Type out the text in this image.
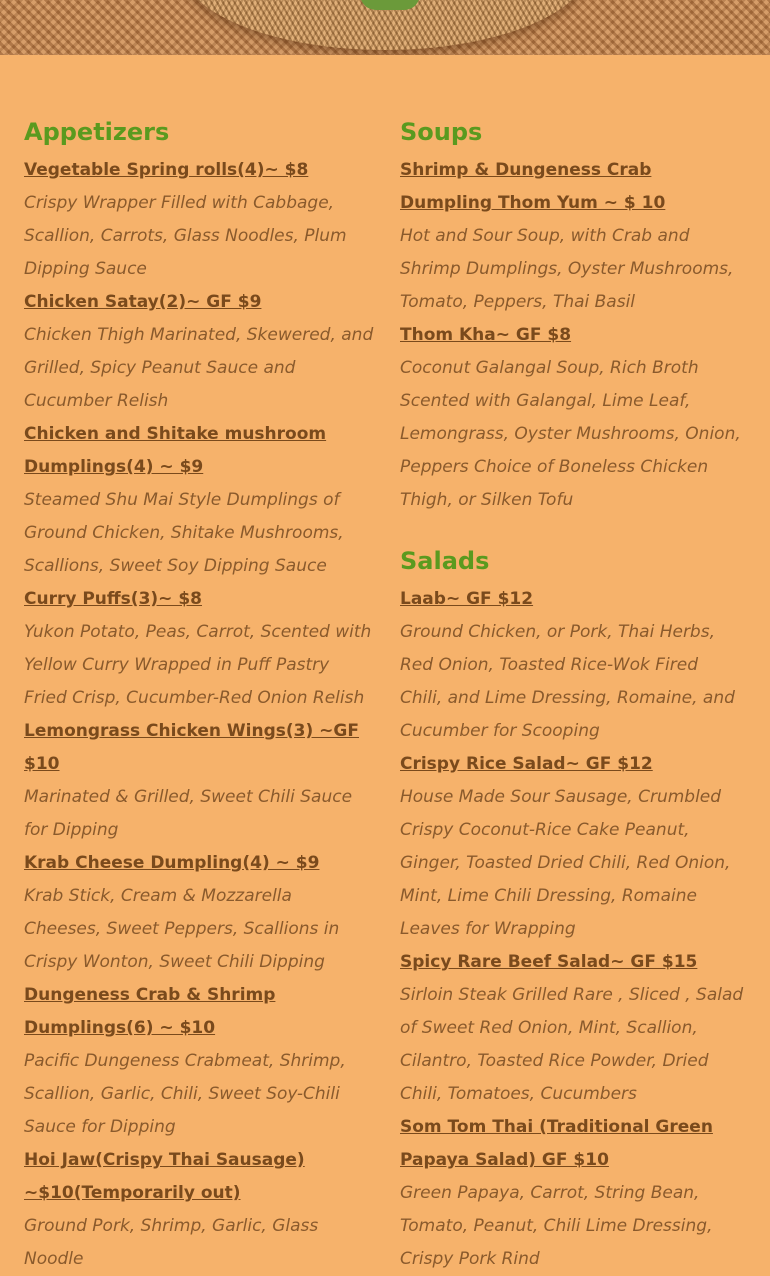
Appetizers
Vegetable Spring rolls(4)~ $8
Crispy Wrapper Filled with Cabbage, Scallion, Carrots, Glass Noodles, Plum Dipping Sauce
Chicken Satay(2)~ GF $9
Chicken Thigh Marinated, Skewered, and Grilled, Spicy Peanut Sauce and Cucumber Relish
Chicken and Shitake mushroom Dumplings(4) ~ $9
Steamed Shu Mai Style Dumplings of Ground Chicken, Shitake Mushrooms, Scallions, Sweet Soy Dipping Sauce
Curry Puffs(3)~ $8
Yukon Potato, Peas, Carrot, Scented with Yellow Curry Wrapped in Puff Pastry Fried Crisp, Cucumber-Red Onion Relish
Lemongrass Chicken Wings(3) ~GF $10
Marinated & Grilled, Sweet Chili Sauce for Dipping
Krab Cheese Dumpling(4) ~ $9
Krab Stick, Cream & Mozzarella Cheeses, Sweet Peppers, Scallions in Crispy Wonton, Sweet Chili Dipping
Dungeness Crab & Shrimp Dumplings(6) ~ $10
Pacific Dungeness Crabmeat, Shrimp, Scallion, Garlic, Chili, Sweet Soy-Chili Sauce for Dipping
Hoi Jaw(Crispy Thai Sausage) ~$10(Temporarily out)
Ground Pork, Shrimp, Garlic, Glass Noodle
Soups
Shrimp & Dungeness Crab Dumpling Thom Yum ~ $ 10
Hot and Sour Soup, with Crab and Shrimp Dumplings, Oyster Mushrooms, Tomato, Peppers, Thai Basil
Thom Kha~ GF $8
Coconut Galangal Soup, Rich Broth Scented with Galangal, Lime Leaf, Lemongrass, Oyster Mushrooms, Onion, Peppers Choice of Boneless Chicken Thigh, or Silken Tofu
Salads
Laab~ GF $12
Ground Chicken, or Pork, Thai Herbs, Red Onion, Toasted Rice-Wok Fired Chili, and Lime Dressing, Romaine, and Cucumber for Scooping
Crispy Rice Salad~ GF $12
House Made Sour Sausage, Crumbled Crispy Coconut-Rice Cake Peanut, Ginger, Toasted Dried Chili, Red Onion, Mint, Lime Chili Dressing, Romaine Leaves for Wrapping
Spicy Rare Beef Salad~ GF $15
Sirloin Steak Grilled Rare , Sliced , Salad of Sweet Red Onion, Mint, Scallion, Cilantro, Toasted Rice Powder, Dried Chili, Tomatoes, Cucumbers
Som Tom Thai (Traditional Green Papaya Salad) GF $10
Green Papaya, Carrot, String Bean, Tomato, Peanut, Chili Lime Dressing, Crispy Pork Rind
